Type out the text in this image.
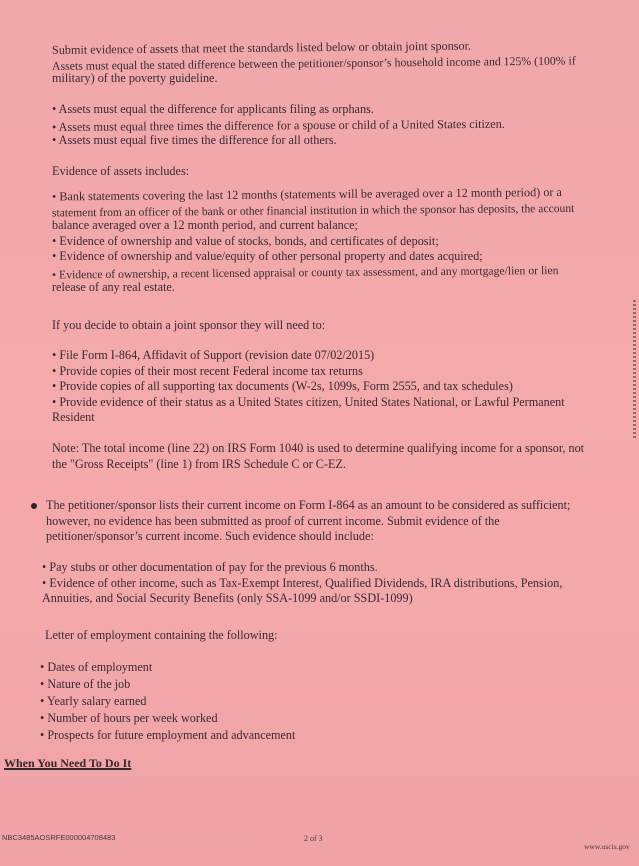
Submit evidence of assets that meet the standards listed below or obtain joint sponsor.
Assets must equal the stated difference between the petitioner/sponsor’s household income and 125% (100% if
military) of the poverty guideline.
• Assets must equal the difference for applicants filing as orphans.
• Assets must equal three times the difference for a spouse or child of a United States citizen.
• Assets must equal five times the difference for all others.
Evidence of assets includes:
• Bank statements covering the last 12 months (statements will be averaged over a 12 month period) or a
statement from an officer of the bank or other financial institution in which the sponsor has deposits, the account
balance averaged over a 12 month period, and current balance;
• Evidence of ownership and value of stocks, bonds, and certificates of deposit;
• Evidence of ownership and value/equity of other personal property and dates acquired;
• Evidence of ownership, a recent licensed appraisal or county tax assessment, and any mortgage/lien or lien
release of any real estate.
If you decide to obtain a joint sponsor they will need to:
• File Form I-864, Affidavit of Support (revision date 07/02/2015)
• Provide copies of their most recent Federal income tax returns
• Provide copies of all supporting tax documents (W-2s, 1099s, Form 2555, and tax schedules)
• Provide evidence of their status as a United States citizen, United States National, or Lawful Permanent
Resident
Note: The total income (line 22) on IRS Form 1040 is used to determine qualifying income for a sponsor, not
the "Gross Receipts" (line 1) from IRS Schedule C or C-EZ.
The petitioner/sponsor lists their current income on Form I-864 as an amount to be considered as sufficient;
however, no evidence has been submitted as proof of current income. Submit evidence of the
petitioner/sponsor’s current income. Such evidence should include:
• Pay stubs or other documentation of pay for the previous 6 months.
• Evidence of other income, such as Tax-Exempt Interest, Qualified Dividends, IRA distributions, Pension,
Annuities, and Social Security Benefits (only SSA-1099 and/or SSDI-1099)
Letter of employment containing the following:
• Dates of employment
• Nature of the job
• Yearly salary earned
• Number of hours per week worked
• Prospects for future employment and advancement
When You Need To Do It
NBC3485AOSRFE000004708483	2 of 3
www.uscis.gov
